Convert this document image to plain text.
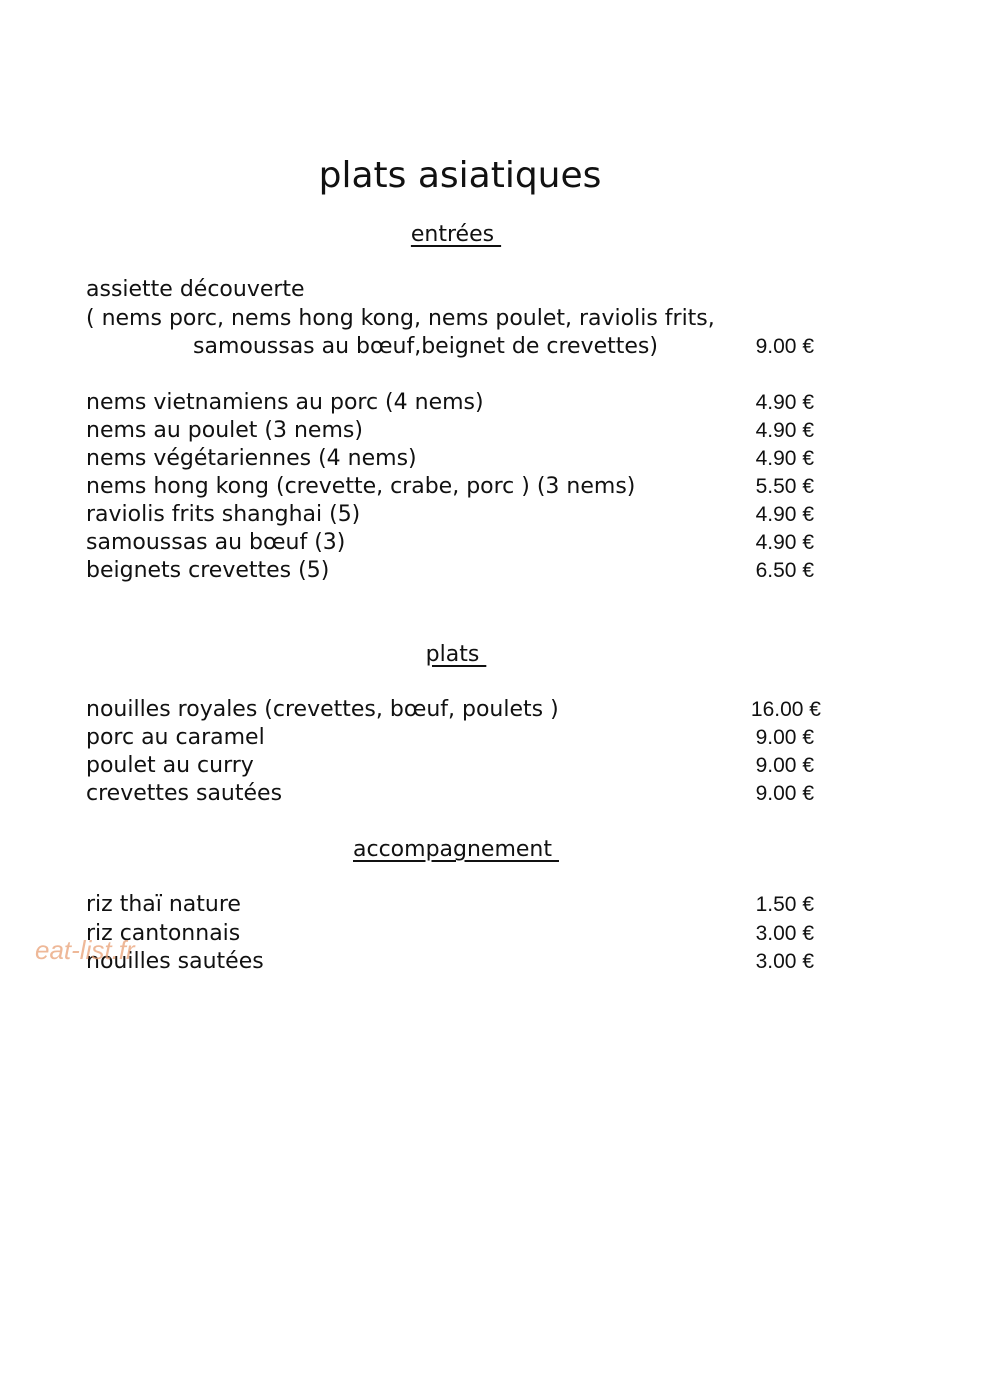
plats asiatiques
entrées
assiette découverte
( nems porc, nems hong kong, nems poulet, raviolis frits,
samoussas au bœuf,beignet de crevettes)	9.00 €
nems vietnamiens au porc (4 nems)	4.90 €
nems au poulet (3 nems)	4.90 €
nems végétariennes (4 nems)	4.90 €
nems hong kong (crevette, crabe, porc ) (3 nems)	5.50 €
raviolis frits shanghai (5)	4.90 €
samoussas au bœuf (3)	4.90 €
beignets crevettes (5)	6.50 €
plats
nouilles royales (crevettes, bœuf, poulets )	16.00 €
porc au caramel	9.00 €
poulet au curry	9.00 €
crevettes sautées	9.00 €
accompagnement
riz thaï nature	1.50 €
riz cantonnais	3.00 €
nouilles sautées	3.00 €
eat-list.fr
